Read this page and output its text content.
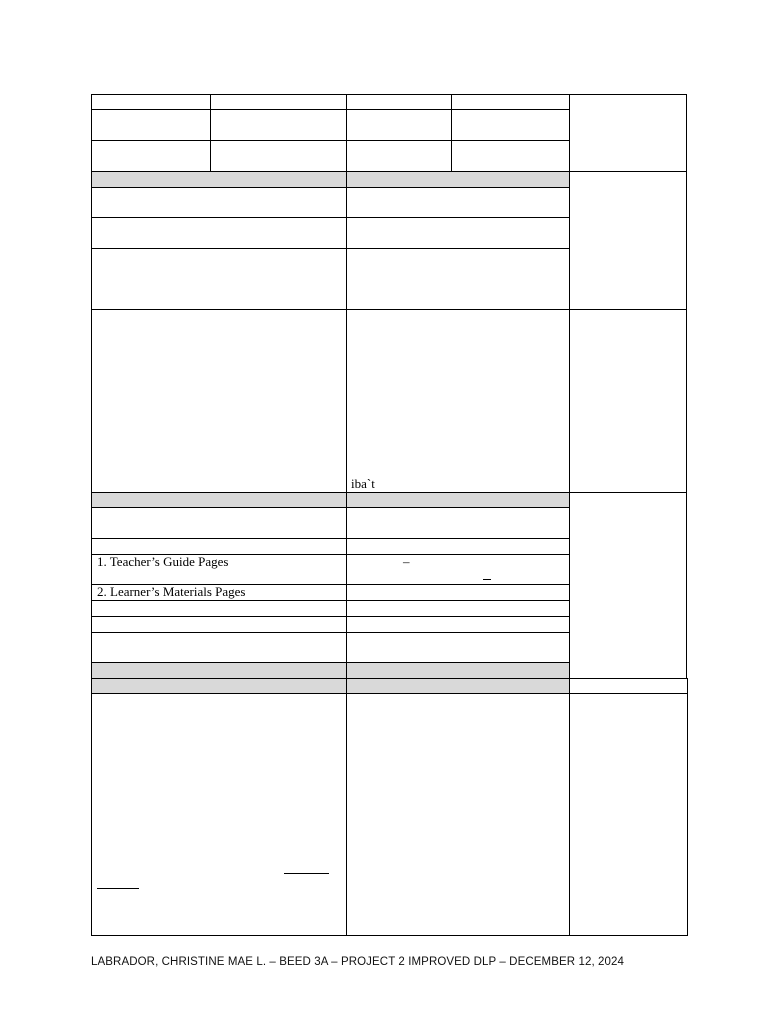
iba`t
1. Teacher’s Guide Pages
2. Learner’s Materials Pages
–
LABRADOR, CHRISTINE MAE L. – BEED 3A – PROJECT 2 IMPROVED DLP – DECEMBER 12, 2024
